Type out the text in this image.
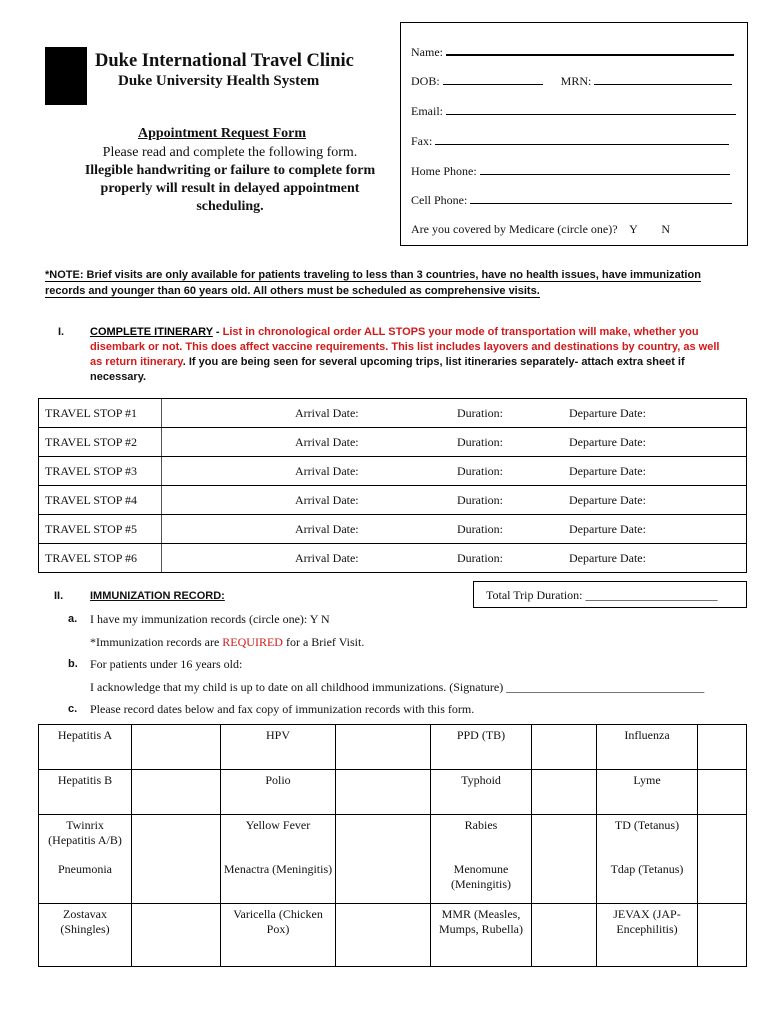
Duke International Travel Clinic
Duke University Health System
Appointment Request Form
Please read and complete the following form.
Illegible handwriting or failure to complete form properly will result in delayed appointment scheduling.
Name:
DOB:	MRN:
Email:
Fax:
Home Phone:
Cell Phone:
Are you covered by Medicare (circle one)? Y N
*NOTE: Brief visits are only available for patients traveling to less than 3 countries, have no health issues, have immunization records and younger than 60 years old. All others must be scheduled as comprehensive visits.
I. COMPLETE ITINERARY - List in chronological order ALL STOPS your mode of transportation will make, whether you disembark or not. This does affect vaccine requirements. This list includes layovers and destinations by country, as well as return itinerary. If you are being seen for several upcoming trips, list itineraries separately- attach extra sheet if necessary.
TRAVEL STOP #1		Arrival Date:	Duration:	Departure Date:
TRAVEL STOP #2		Arrival Date:	Duration:	Departure Date:
TRAVEL STOP #3		Arrival Date:	Duration:	Departure Date:
TRAVEL STOP #4		Arrival Date:	Duration:	Departure Date:
TRAVEL STOP #5		Arrival Date:	Duration:	Departure Date:
TRAVEL STOP #6		Arrival Date:	Duration:	Departure Date:
II. IMMUNIZATION RECORD:	Total Trip Duration: ______________________
a. I have my immunization records (circle one): Y N
*Immunization records are REQUIRED for a Brief Visit.
b. For patients under 16 years old:
I acknowledge that my child is up to date on all childhood immunizations. (Signature) _________________________________
c. Please record dates below and fax copy of immunization records with this form.
Hepatitis A		HPV		PPD (TB)		Influenza	
Hepatitis B		Polio		Typhoid		Lyme	
Twinrix (Hepatitis A/B)		Yellow Fever		Rabies		TD (Tetanus)	
Pneumonia		Menactra (Meningitis)		Menomune (Meningitis)		Tdap (Tetanus)	
Zostavax (Shingles)		Varicella (Chicken Pox)		MMR (Measles, Mumps, Rubella)		JEVAX (JAP-Encephilitis)	
